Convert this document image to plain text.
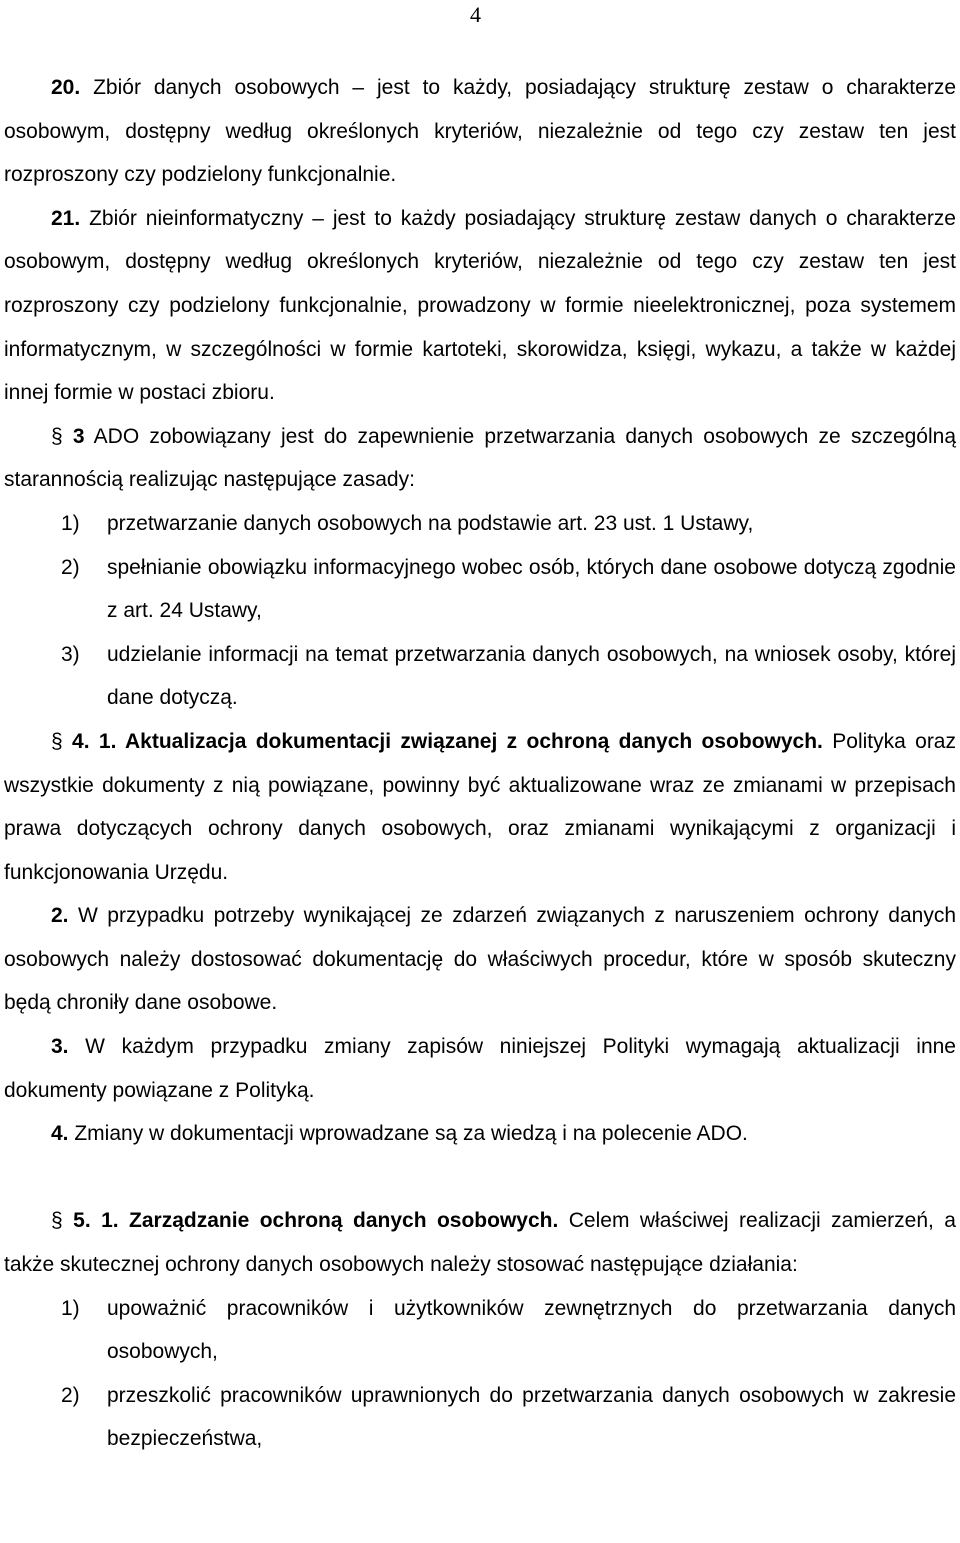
4

20. Zbiór danych osobowych – jest to każdy, posiadający strukturę zestaw o charakterze osobowym, dostępny według określonych kryteriów, niezależnie od tego czy zestaw ten jest rozproszony czy podzielony funkcjonalnie.

21. Zbiór nieinformatyczny – jest to każdy posiadający strukturę zestaw danych o charakterze osobowym, dostępny według określonych kryteriów, niezależnie od tego czy zestaw ten jest rozproszony czy podzielony funkcjonalnie, prowadzony w formie nieelektronicznej, poza systemem informatycznym, w szczególności w formie kartoteki, skorowidza, księgi, wykazu, a także w każdej innej formie w postaci zbioru.

§ 3 ADO zobowiązany jest do zapewnienie przetwarzania danych osobowych ze szczególną starannością realizując następujące zasady:

1)	przetwarzanie danych osobowych na podstawie art. 23 ust. 1 Ustawy,
2)	spełnianie obowiązku informacyjnego wobec osób, których dane osobowe dotyczą zgodnie z art. 24 Ustawy,
3)	udzielanie informacji na temat przetwarzania danych osobowych, na wniosek osoby, której dane dotyczą.

§ 4. 1. Aktualizacja dokumentacji związanej z ochroną danych osobowych. Polityka oraz wszystkie dokumenty z nią powiązane, powinny być aktualizowane wraz ze zmianami w przepisach prawa dotyczących ochrony danych osobowych, oraz zmianami wynikającymi z organizacji i funkcjonowania Urzędu.

2. W przypadku potrzeby wynikającej ze zdarzeń związanych z naruszeniem ochrony danych osobowych należy dostosować dokumentację do właściwych procedur, które w sposób skuteczny będą chroniły dane osobowe.

3. W każdym przypadku zmiany zapisów niniejszej Polityki wymagają aktualizacji inne dokumenty powiązane z Polityką.

4. Zmiany w dokumentacji wprowadzane są za wiedzą i na polecenie ADO.

§ 5. 1. Zarządzanie ochroną danych osobowych. Celem właściwej realizacji zamierzeń, a także skutecznej ochrony danych osobowych należy stosować następujące działania:

1)	upoważnić pracowników i użytkowników zewnętrznych do przetwarzania danych osobowych,
2)	przeszkolić pracowników uprawnionych do przetwarzania danych osobowych w zakresie bezpieczeństwa,
